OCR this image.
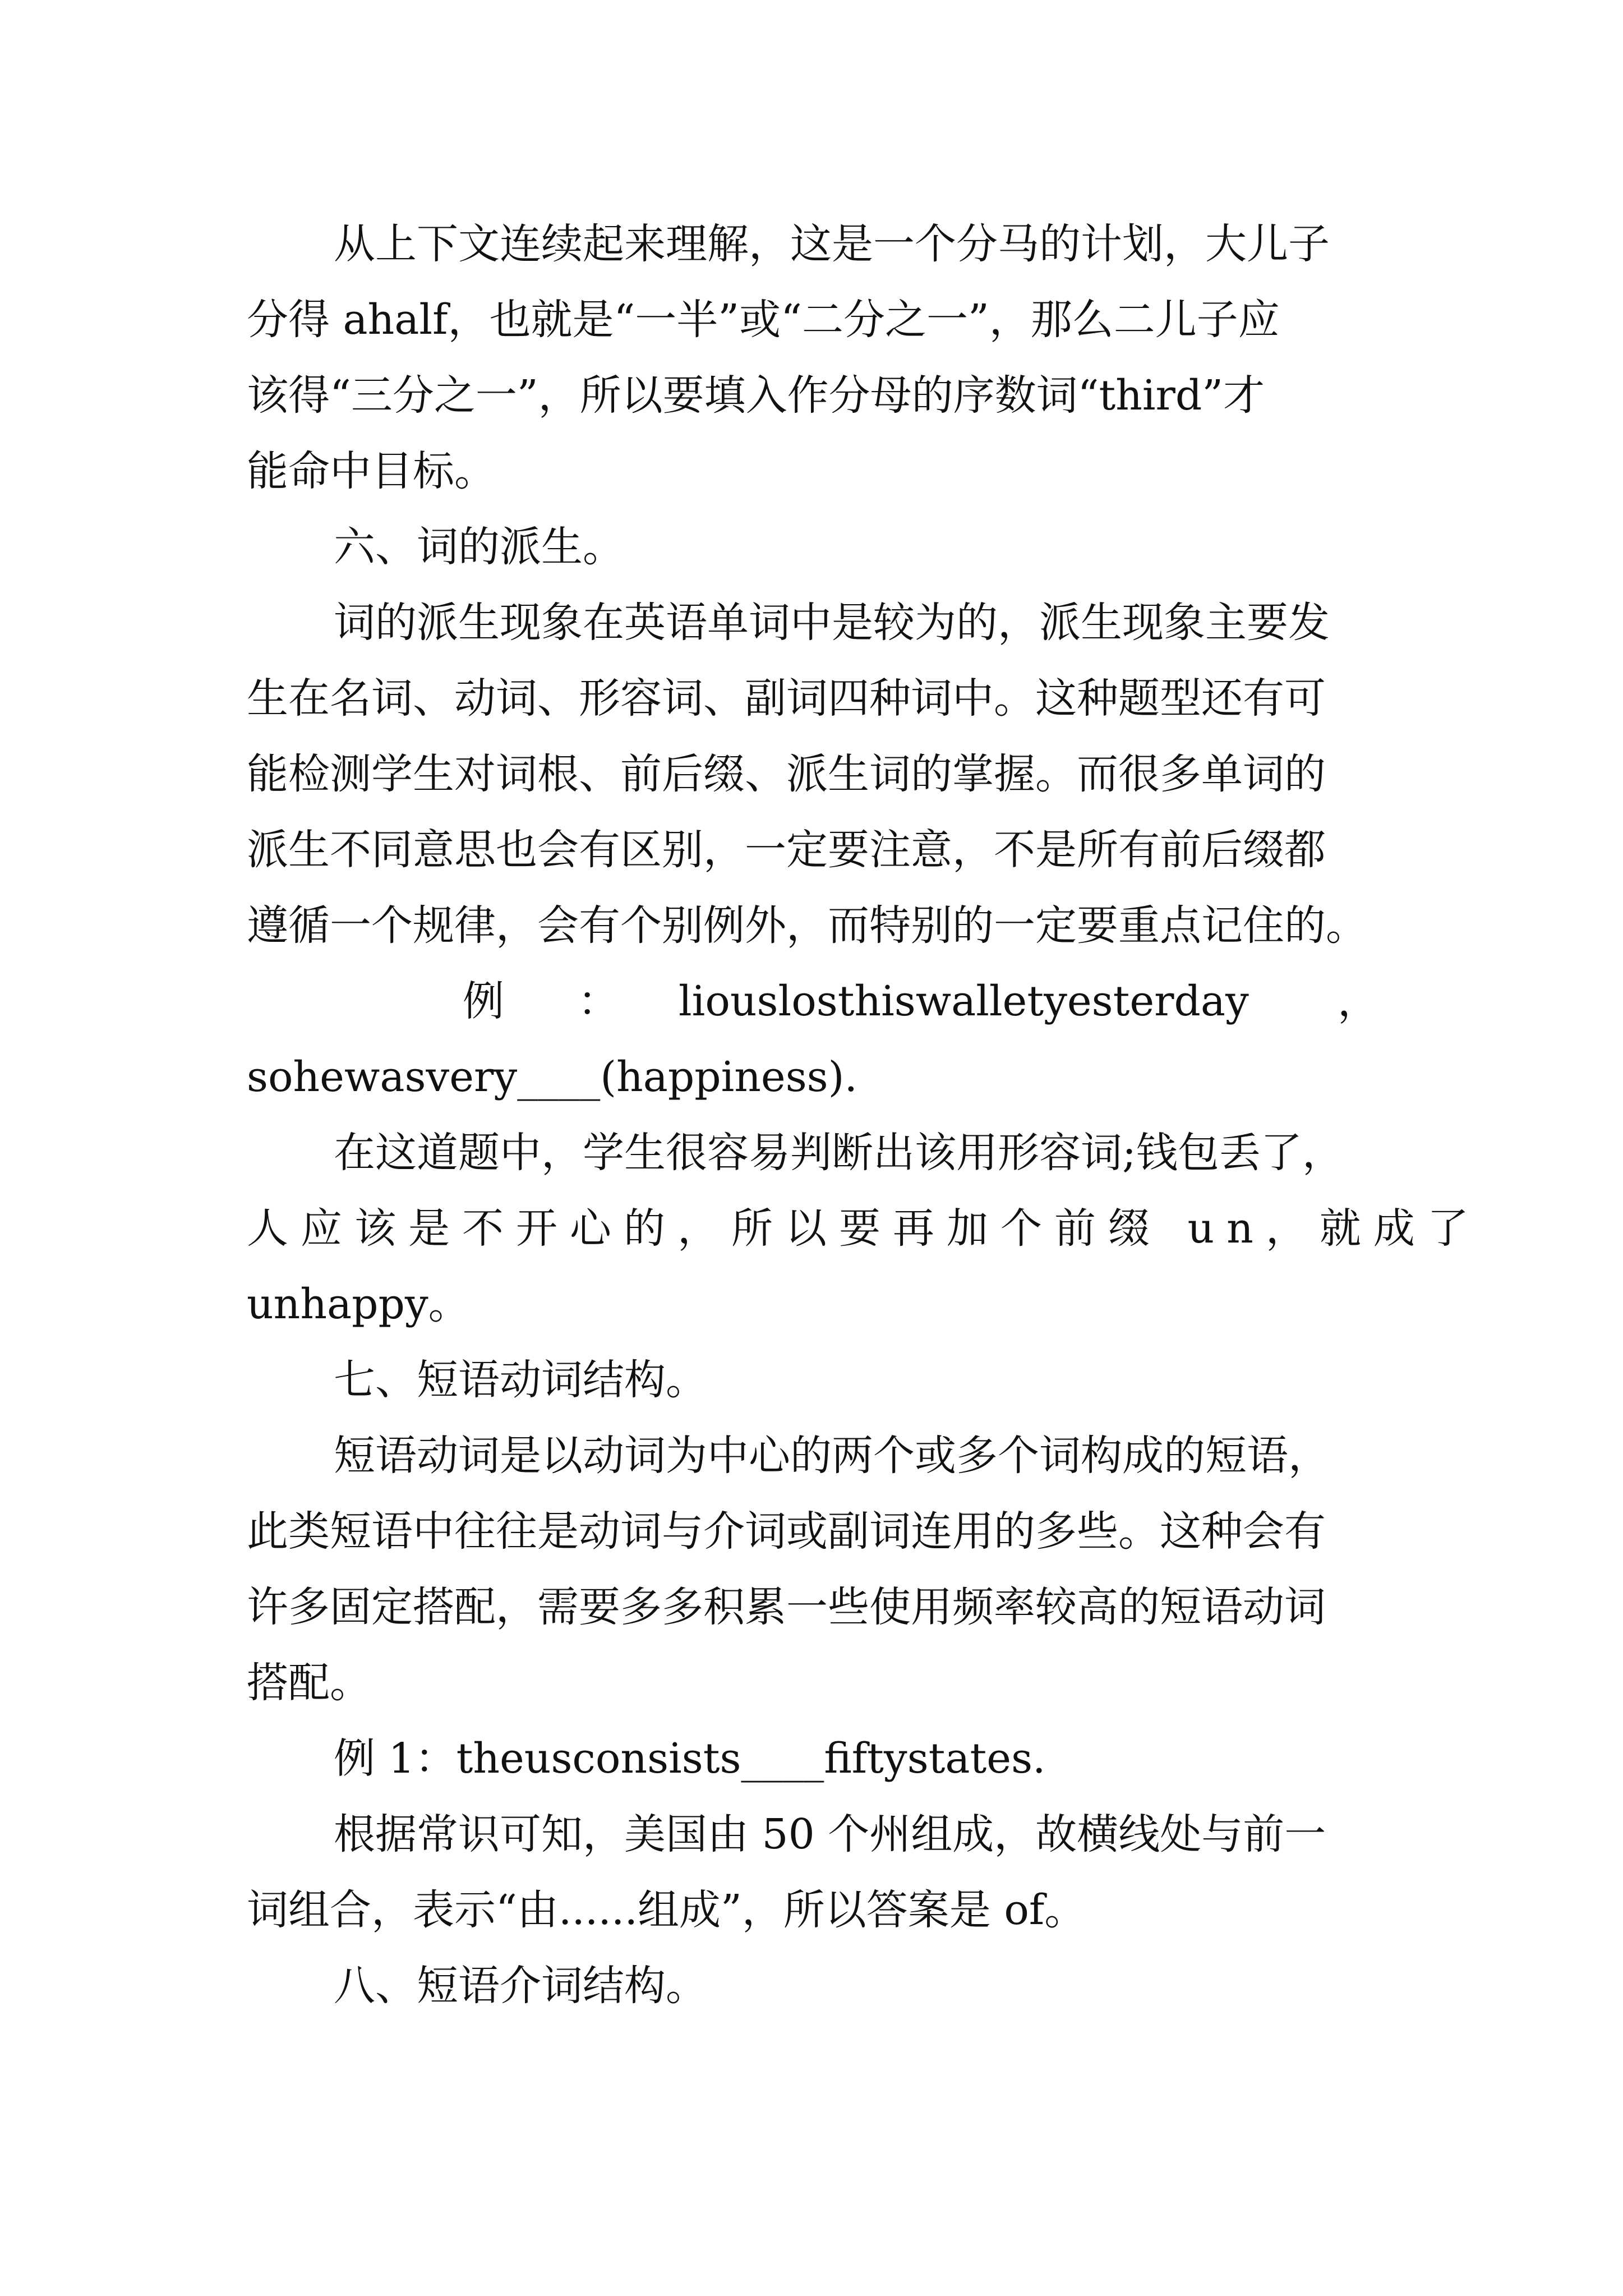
从上下文连续起来理解，这是一个分马的计划，大儿子
分得 ahalf，也就是“一半”或“二分之一”，那么二儿子应
该得“三分之一”，所以要填入作分母的序数词“third”才
能命中目标。
六、词的派生。
词的派生现象在英语单词中是较为的，派生现象主要发
生在名词、动词、形容词、副词四种词中。这种题型还有可
能检测学生对词根、前后缀、派生词的掌握。而很多单词的
派生不同意思也会有区别，一定要注意，不是所有前后缀都
遵循一个规律，会有个别例外，而特别的一定要重点记住的。
例 ： liouslosthiswalletyesterday ，
sohewasvery____(happiness).
在这道题中，学生很容易判断出该用形容词;钱包丢了，
人应该是不开心的，所以要再加个前缀 un，就成了
unhappy。
七、短语动词结构。
短语动词是以动词为中心的两个或多个词构成的短语，
此类短语中往往是动词与介词或副词连用的多些。这种会有
许多固定搭配，需要多多积累一些使用频率较高的短语动词
搭配。
例 1：theusconsists____fiftystates.
根据常识可知，美国由 50 个州组成，故横线处与前一
词组合，表示“由......组成”，所以答案是 of。
八、短语介词结构。
